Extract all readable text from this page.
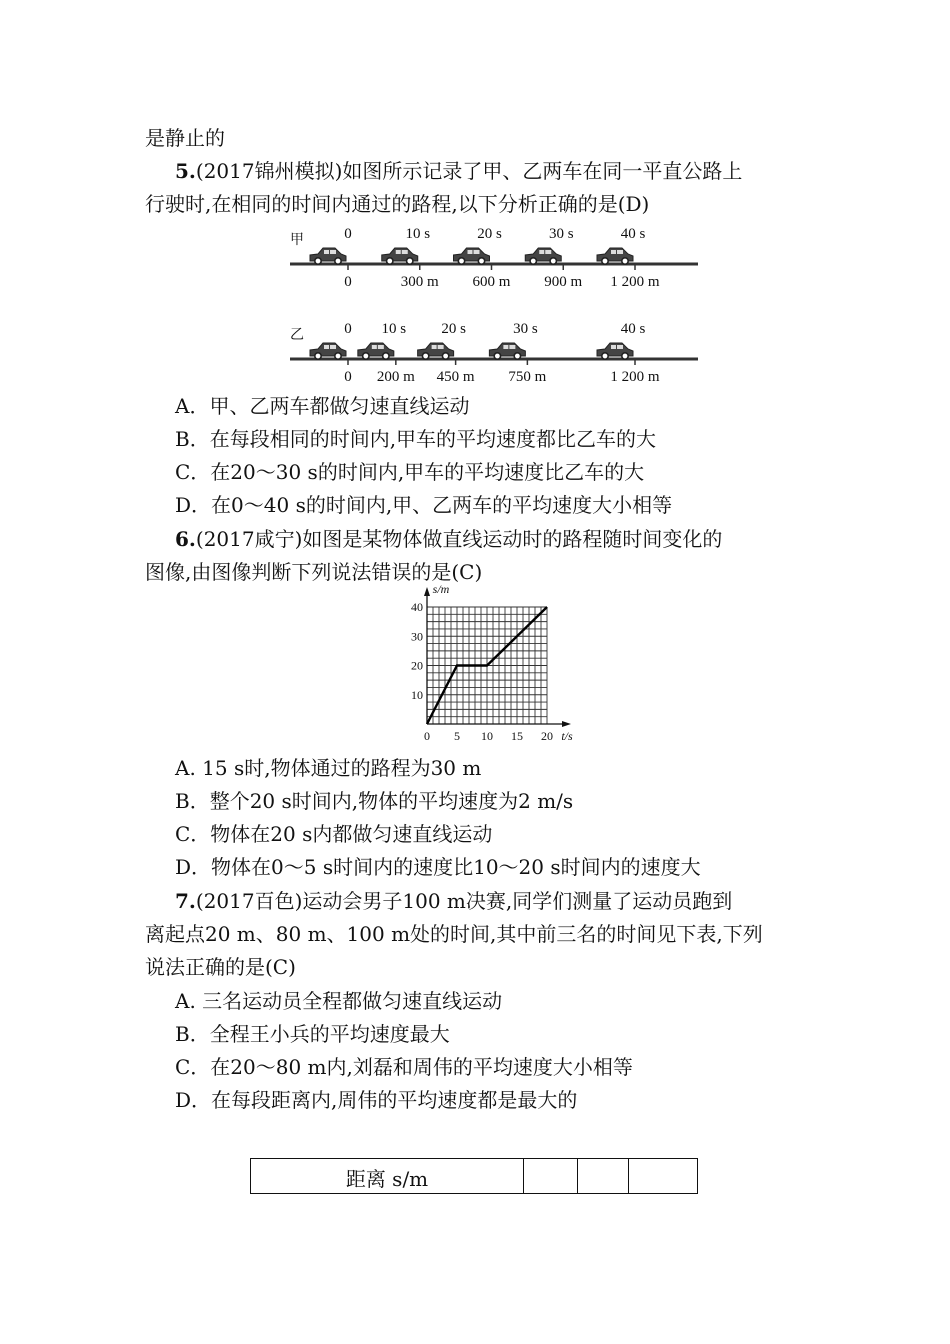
是静止的
5.(2017锦州模拟)如图所示记录了甲、乙两车在同一平直公路上
行驶时,在相同的时间内通过的路程,以下分析正确的是(D)
甲	0
0
10 s
300 m
20 s
600 m
30 s
900 m
40 s
1 200 m
乙	0
0
10 s
200 m
20 s
450 m
30 s
750 m
40 s
1 200 m
A．甲、乙两车都做匀速直线运动
B．在每段相同的时间内,甲车的平均速度都比乙车的大
C．在20～30 s的时间内,甲车的平均速度比乙车的大
D．在0～40 s的时间内,甲、乙两车的平均速度大小相等
6.(2017咸宁)如图是某物体做直线运动时的路程随时间变化的
图像,由图像判断下列说法错误的是(C)
0 5 10 15 20
10
20
30
40
t/s
s/m
A. 15 s时,物体通过的路程为30 m
B．整个20 s时间内,物体的平均速度为2 m/s
C．物体在20 s内都做匀速直线运动
D．物体在0～5 s时间内的速度比10～20 s时间内的速度大
7.(2017百色)运动会男子100 m决赛,同学们测量了运动员跑到
离起点20 m、80 m、100 m处的时间,其中前三名的时间见下表,下列
说法正确的是(C)
A. 三名运动员全程都做匀速直线运动
B．全程王小兵的平均速度最大
C．在20～80 m内,刘磊和周伟的平均速度大小相等
D．在每段距离内,周伟的平均速度都是最大的
距离 s/m			
